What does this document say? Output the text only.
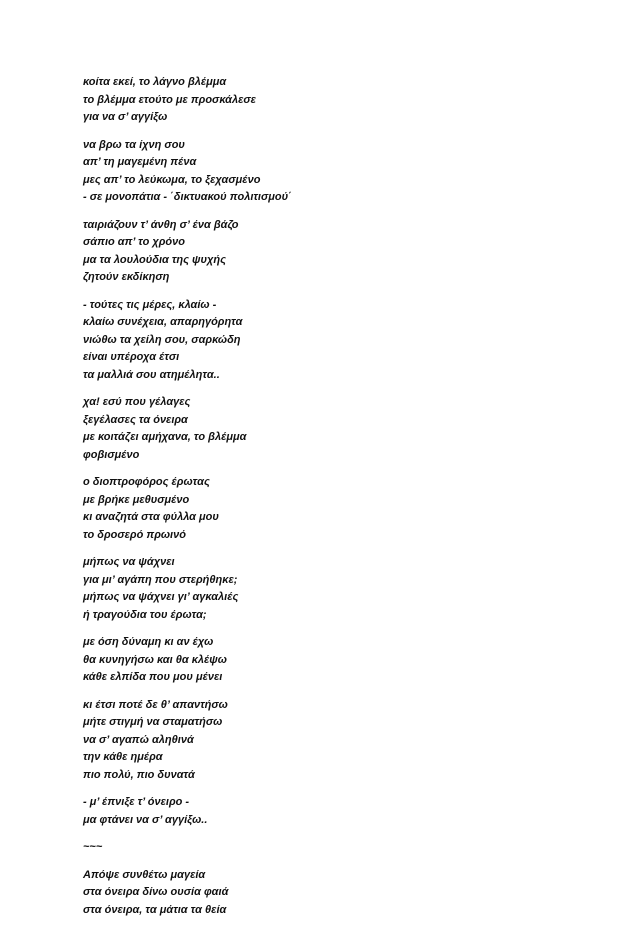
κοίτα εκεί, το λάγνο βλέμμα
το βλέμμα ετούτο με προσκάλεσε
για να σ’ αγγίξω
να βρω τα ίχνη σου
απ’ τη μαγεμένη πένα
μες απ’ το λεύκωμα, το ξεχασμένο
- σε μονοπάτια - ΄δικτυακού πολιτισμού΄
ταιριάζουν τ’ άνθη σ’ ένα βάζο
σάπιο απ’ το χρόνο
μα τα λουλούδια της ψυχής
ζητούν εκδίκηση
- τούτες τις μέρες, κλαίω -
κλαίω συνέχεια, απαρηγόρητα
νιώθω τα χείλη σου, σαρκώδη
είναι υπέροχα έτσι
τα μαλλιά σου ατημέλητα..
χα! εσύ που γέλαγες
ξεγέλασες τα όνειρα
με κοιτάζει αμήχανα, το βλέμμα
φοβισμένο
ο διοπτροφόρος έρωτας
με βρήκε μεθυσμένο
κι αναζητά στα φύλλα μου
το δροσερό πρωινό
μήπως να ψάχνει
για μι’ αγάπη που στερήθηκε;
μήπως να ψάχνει γι’ αγκαλιές
ή τραγούδια του έρωτα;
με όση δύναμη κι αν έχω
θα κυνηγήσω και θα κλέψω
κάθε ελπίδα που μου μένει
κι έτσι ποτέ δε θ’ απαντήσω
μήτε στιγμή να σταματήσω
να σ’ αγαπώ αληθινά
την κάθε ημέρα
πιο πολύ, πιο δυνατά
- μ’ έπνιξε τ’ όνειρο -
μα φτάνει να σ’ αγγίξω..
~~~
Απόψε συνθέτω μαγεία
στα όνειρα δίνω ουσία φαιά
στα όνειρα, τα μάτια τα θεία
